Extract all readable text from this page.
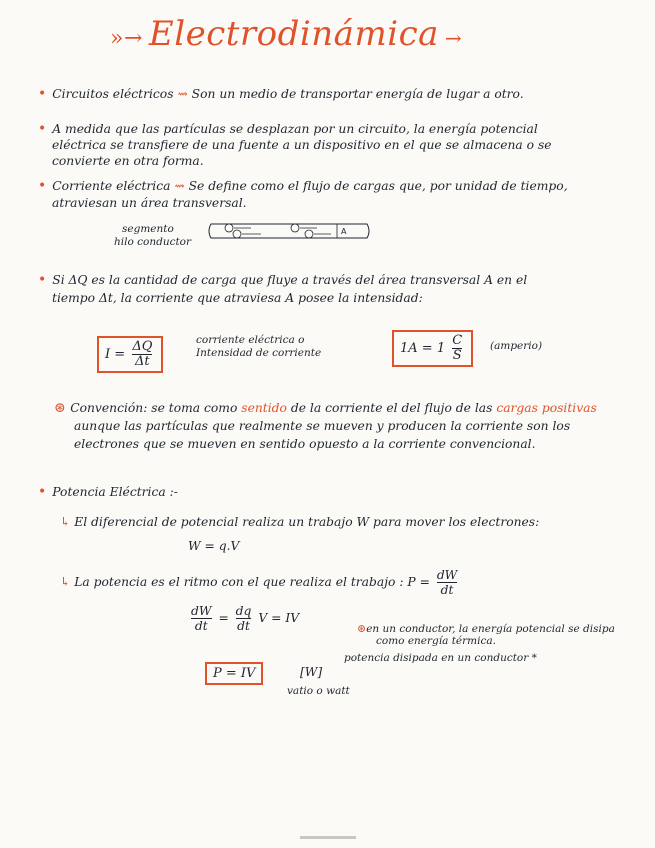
»→ Electrodinámica →
• Circuitos eléctricos ⇝ Son un medio de transportar energía de lugar a otro.
• A medida que las partículas se desplazan por un circuito, la energía potencial
eléctrica se transfiere de una fuente a un dispositivo en el que se almacena o se
convierte en otra forma.
• Corriente eléctrica ⇝ Se define como el flujo de cargas que, por unidad de tiempo,
atraviesan un área transversal.
segmento
hilo conductor
A
• Si ΔQ es la cantidad de carga que fluye a través del área transversal A en el
tiempo Δt, la corriente que atraviesa A posee la intensidad:
$I = \frac{\Delta Q}{\Delta t}$	corriente eléctrica o
Intensidad de corriente	$1A = 1 \frac{C}{S}$	(amperio)
⊛ Convención: se toma como sentido de la corriente el del flujo de las cargas positivas
aunque las partículas que realmente se mueven y producen la corriente son los
electrones que se mueven en sentido opuesto a la corriente convencional.
• Potencia Eléctrica :-
↳ El diferencial de potencial realiza un trabajo W para mover los electrones:
W = q.V
↳ La potencia es el ritmo con el que realiza el trabajo : $P = \frac{dW}{dt}$
$\frac{dW}{dt} = \frac{dq}{dt}$ V = IV
⊛en un conductor, la energía potencial se disipa
como energía térmica.
P = IV	[W]
vatio o watt
potencia disipada en un conductor *
